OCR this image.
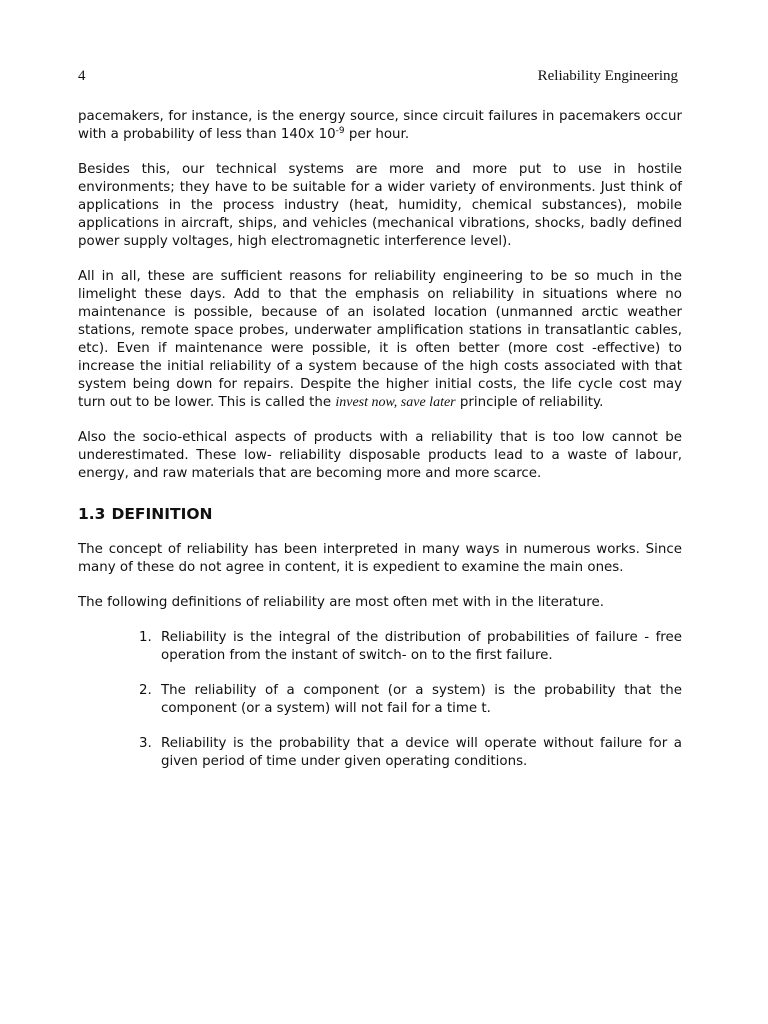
4	Reliability Engineering

pacemakers, for instance, is the energy source, since circuit failures in pacemakers occur with a probability of less than 140x $10^{-9}$ per hour.

Besides this, our technical systems are more and more put to use in hostile environments; they have to be suitable for a wider variety of environments. Just think of applications in the process industry (heat, humidity, chemical substances), mobile applications in aircraft, ships, and vehicles (mechanical vibrations, shocks, badly defined power supply voltages, high electromagnetic interference level).

All in all, these are sufficient reasons for reliability engineering to be so much in the limelight these days. Add to that the emphasis on reliability in situations where no maintenance is possible, because of an isolated location (unmanned arctic weather stations, remote space probes, underwater amplification stations in transatlantic cables, etc). Even if maintenance were possible, it is often better (more cost -effective) to increase the initial reliability of a system because of the high costs associated with that system being down for repairs. Despite the higher initial costs, the life cycle cost may turn out to be lower. This is called the invest now, save later principle of reliability.

Also the socio-ethical aspects of products with a reliability that is too low cannot be underestimated. These low- reliability disposable products lead to a waste of labour, energy, and raw materials that are becoming more and more scarce.

1.3 DEFINITION

The concept of reliability has been interpreted in many ways in numerous works. Since many of these do not agree in content, it is expedient to examine the main ones.

The following definitions of reliability are most often met with in the literature.

1. Reliability is the integral of the distribution of probabilities of failure - free operation from the instant of switch- on to the first failure.
2. The reliability of a component (or a system) is the probability that the component (or a system) will not fail for a time t.
3. Reliability is the probability that a device will operate without failure for a given period of time under given operating conditions.
